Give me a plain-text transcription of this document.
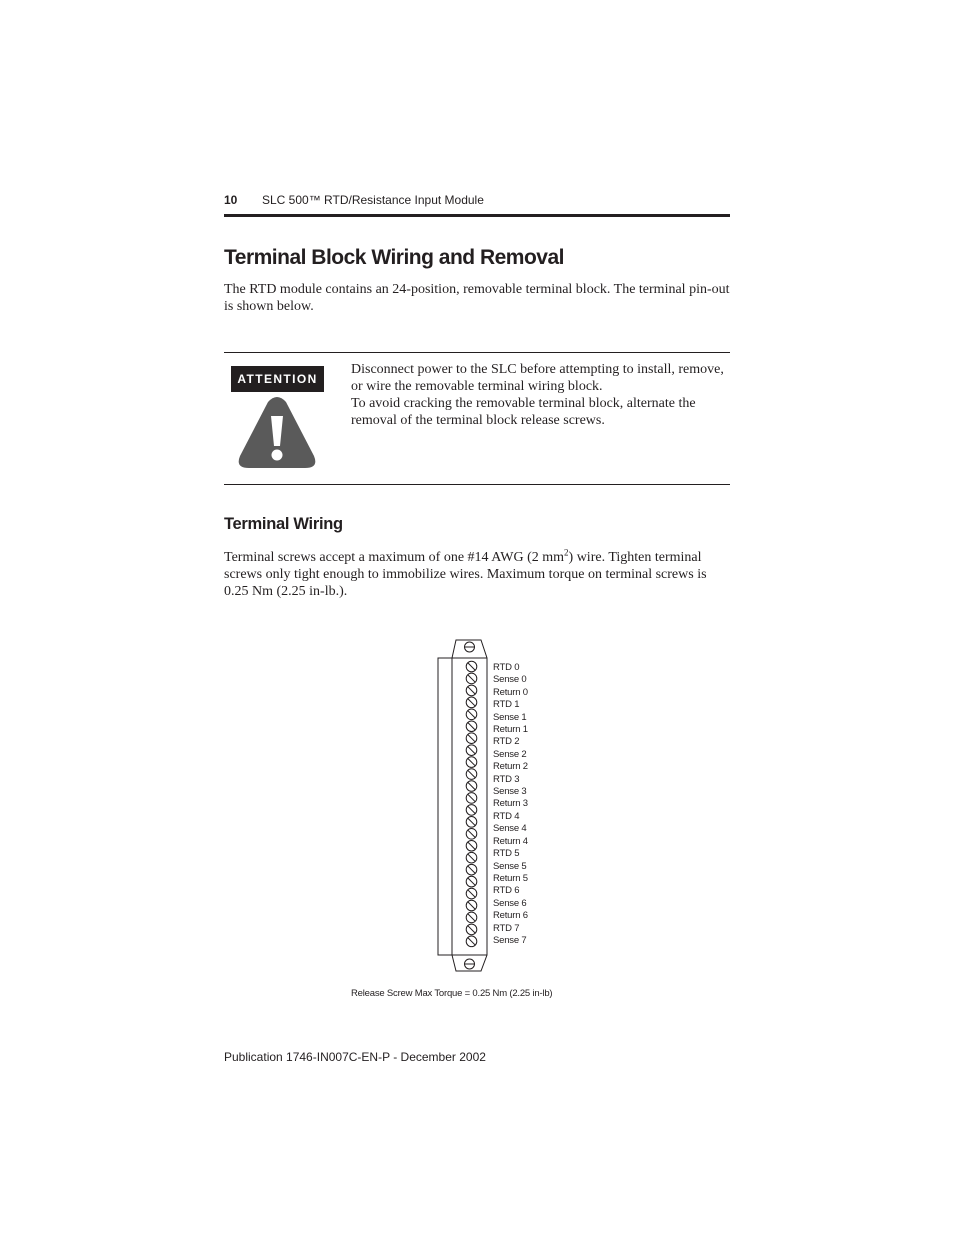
10 SLC 500™ RTD/Resistance Input Module
Terminal Block Wiring and Removal

The RTD module contains an 24-position, removable terminal block. The terminal pin-out is shown below.

ATTENTION

Disconnect power to the SLC before attempting to install, remove, or wire the removable terminal wiring block.

To avoid cracking the removable terminal block, alternate the removal of the terminal block release screws.

Terminal Wiring

Terminal screws accept a maximum of one #14 AWG (2 $mm^2$) wire. Tighten terminal screws only tight enough to immobilize wires. Maximum torque on terminal screws is 0.25 Nm (2.25 in-lb.).

RTD 0
Sense 0
Return 0
RTD 1
Sense 1
Return 1
RTD 2
Sense 2
Return 2
RTD 3
Sense 3
Return 3
RTD 4
Sense 4
Return 4
RTD 5
Sense 5
Return 5
RTD 6
Sense 6
Return 6
RTD 7
Sense 7
Release Screw Max Torque = 0.25 Nm (2.25 in-lb)
Publication 1746-IN007C-EN-P - December 2002
